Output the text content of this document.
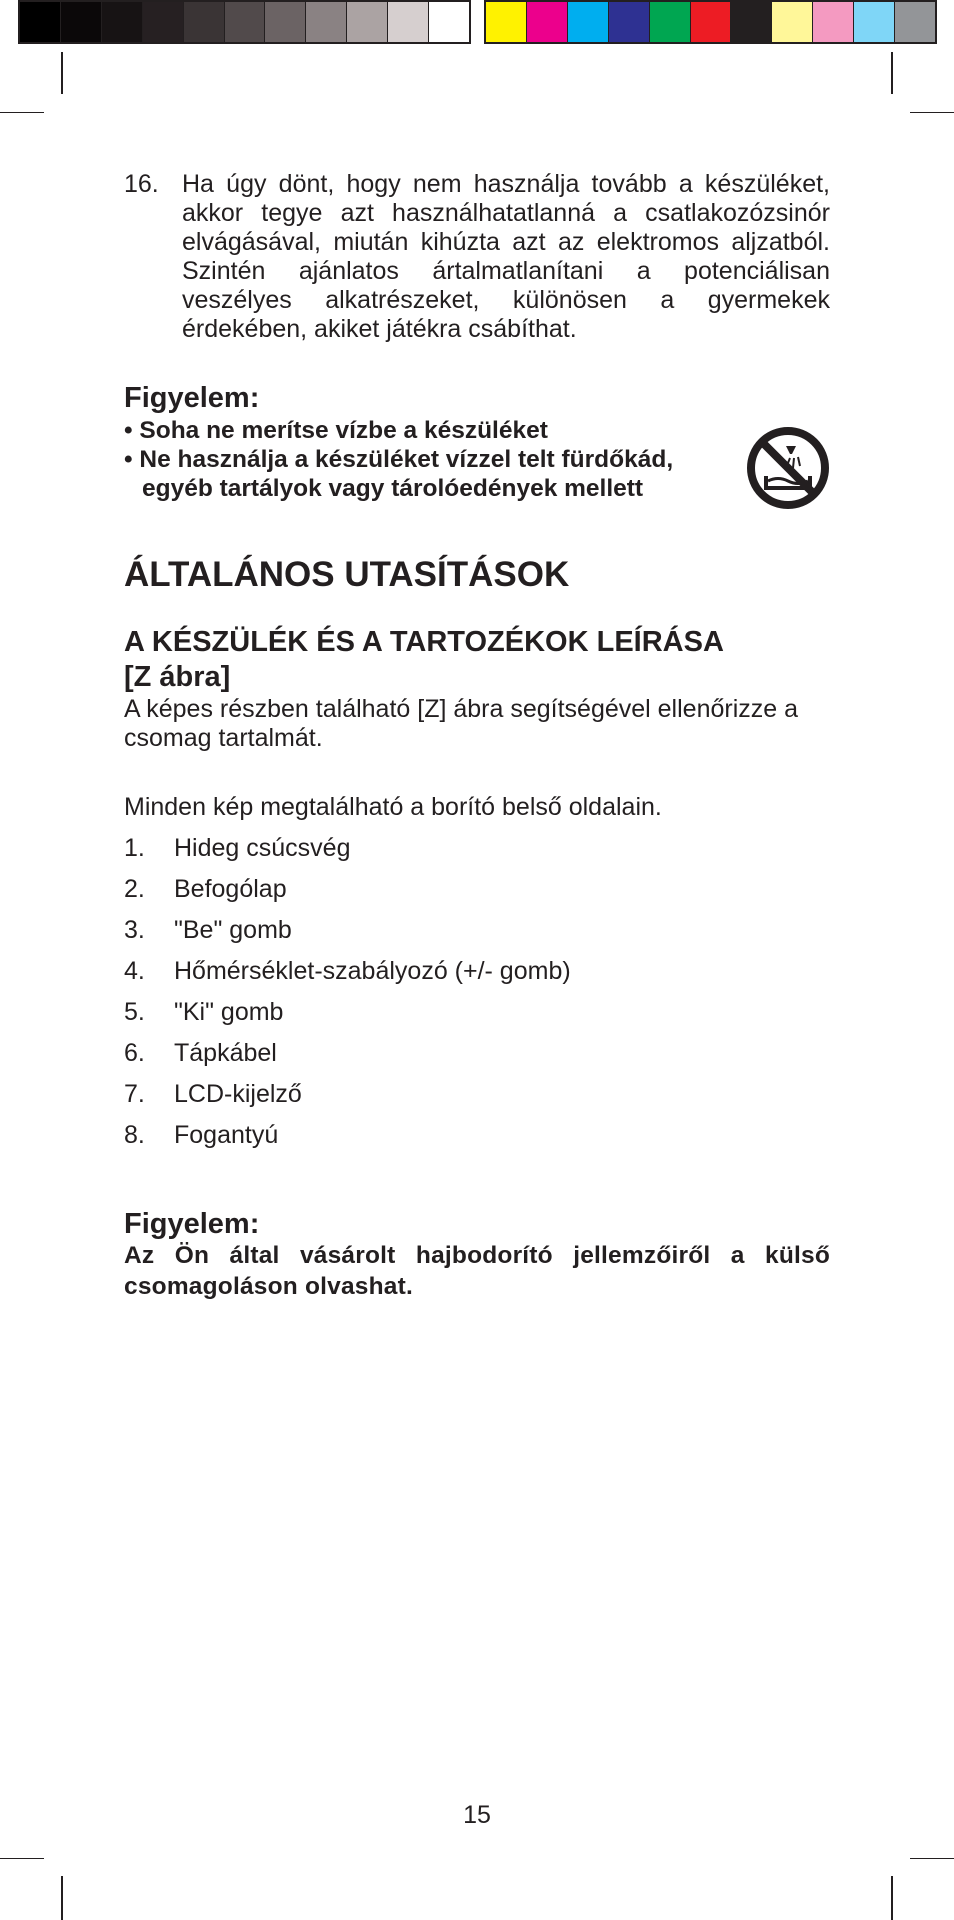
16. Ha úgy dönt, hogy nem használja tovább a készüléket, akkor tegye azt használhatatlanná a csatlakozózsinór elvágásával, miután kihúzta azt az elektromos aljzatból. Szintén ajánlatos ártalmatlanítani a potenciálisan veszélyes alkatrészeket, különösen a gyermekek érdekében, akiket játékra csábíthat.

Figyelem:

• Soha ne merítse vízbe a készüléket
• Ne használja a készüléket vízzel telt fürdőkád, egyéb tartályok vagy tárolóedények mellett
ÁLTALÁNOS UTASÍTÁSOK
A KÉSZÜLÉK ÉS A TARTOZÉKOK LEÍRÁSA
[Z ábra]

A képes részben található [Z] ábra segítségével ellenőrizze a csomag tartalmát.

Minden kép megtalálható a borító belső oldalain.

1.	Hideg csúcsvég
2.	Befogólap
3.	"Be" gomb
4.	Hőmérséklet-szabályozó (+/- gomb)
5.	"Ki" gomb
6.	Tápkábel
7.	LCD-kijelző
8.	Fogantyú

Figyelem:

Az Ön által vásárolt hajbodorító jellemzőiről a külső csomagoláson olvashat.
15
